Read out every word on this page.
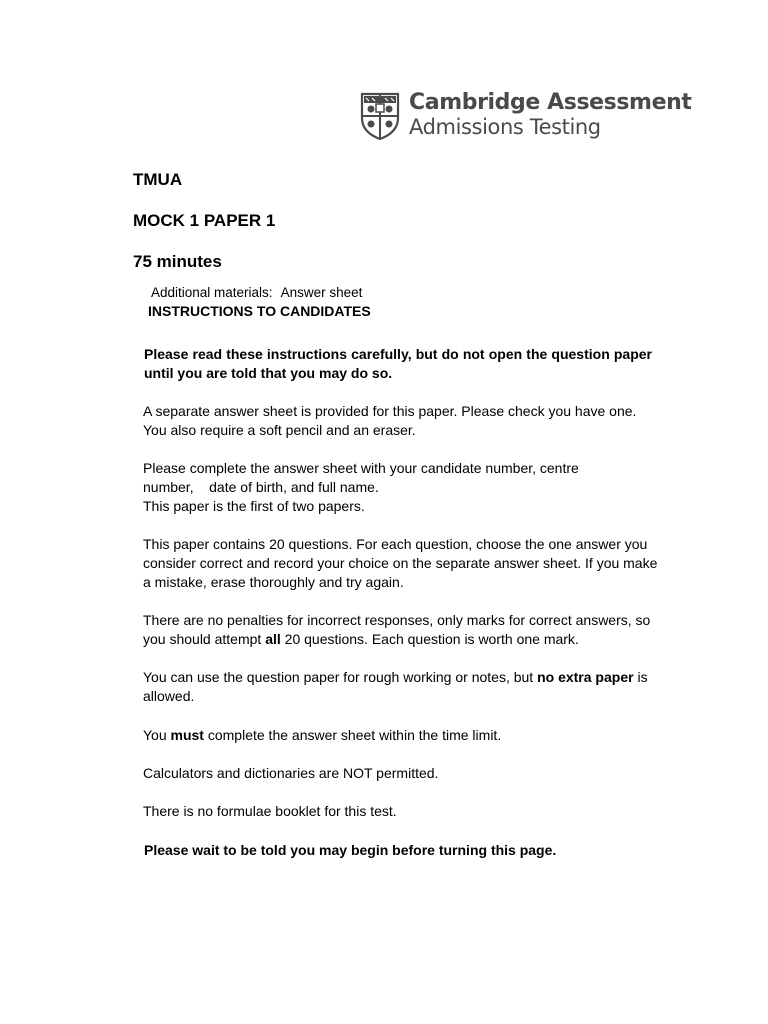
Cambridge Assessment
Admissions Testing
TMUA
MOCK 1 PAPER 1
75 minutes
Additional materials: Answer sheet
INSTRUCTIONS TO CANDIDATES
Please read these instructions carefully, but do not open the question paper
until you are told that you may do so.
A separate answer sheet is provided for this paper. Please check you have one.
You also require a soft pencil and an eraser.
Please complete the answer sheet with your candidate number, centre
number,    date of birth, and full name.
This paper is the first of two papers.
This paper contains 20 questions. For each question, choose the one answer you
consider correct and record your choice on the separate answer sheet. If you make
a mistake, erase thoroughly and try again.
There are no penalties for incorrect responses, only marks for correct answers, so
you should attempt all 20 questions. Each question is worth one mark.
You can use the question paper for rough working or notes, but no extra paper is
allowed.
You must complete the answer sheet within the time limit.
Calculators and dictionaries are NOT permitted.
There is no formulae booklet for this test.
Please wait to be told you may begin before turning this page.
